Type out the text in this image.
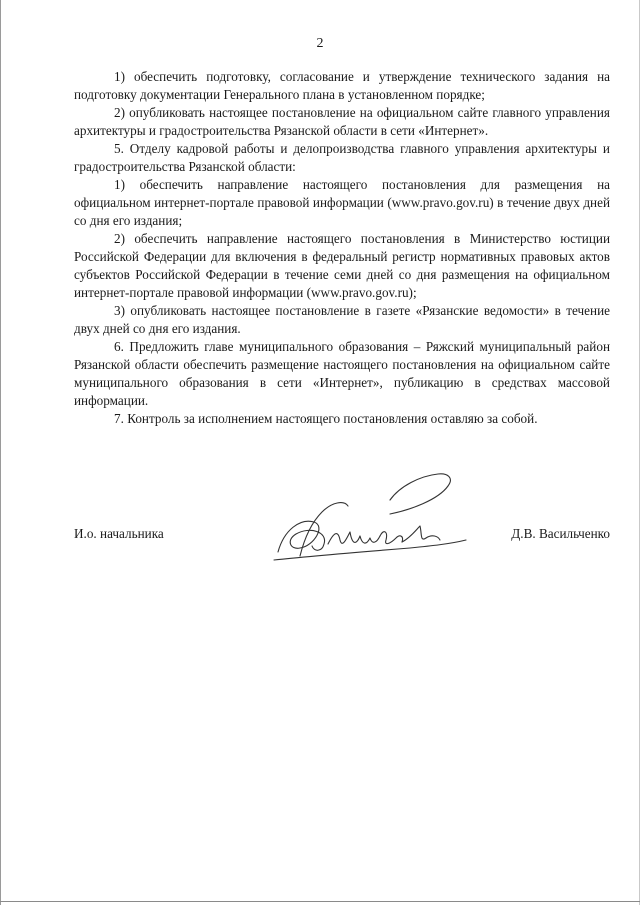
2

1) обеспечить подготовку, согласование и утверждение технического задания на подготовку документации Генерального плана в установленном порядке;

2) опубликовать настоящее постановление на официальном сайте главного управления архитектуры и градостроительства Рязанской области в сети «Интернет».

5. Отделу кадровой работы и делопроизводства главного управления архитектуры и градостроительства Рязанской области:

1) обеспечить направление настоящего постановления для размещения на официальном интернет-портале правовой информации (www.pravo.gov.ru) в течение двух дней со дня его издания;

2) обеспечить направление настоящего постановления в Министерство юстиции Российской Федерации для включения в федеральный регистр нормативных правовых актов субъектов Российской Федерации в течение семи дней со дня размещения на официальном интернет-портале правовой информации (www.pravo.gov.ru);

3) опубликовать настоящее постановление в газете «Рязанские ведомости» в течение двух дней со дня его издания.

6. Предложить главе муниципального образования – Ряжский муниципальный район Рязанской области обеспечить размещение настоящего постановления на официальном сайте муниципального образования в сети «Интернет», публикацию в средствах массовой информации.

7. Контроль за исполнением настоящего постановления оставляю за собой.

И.о. начальника	Д.В. Васильченко
